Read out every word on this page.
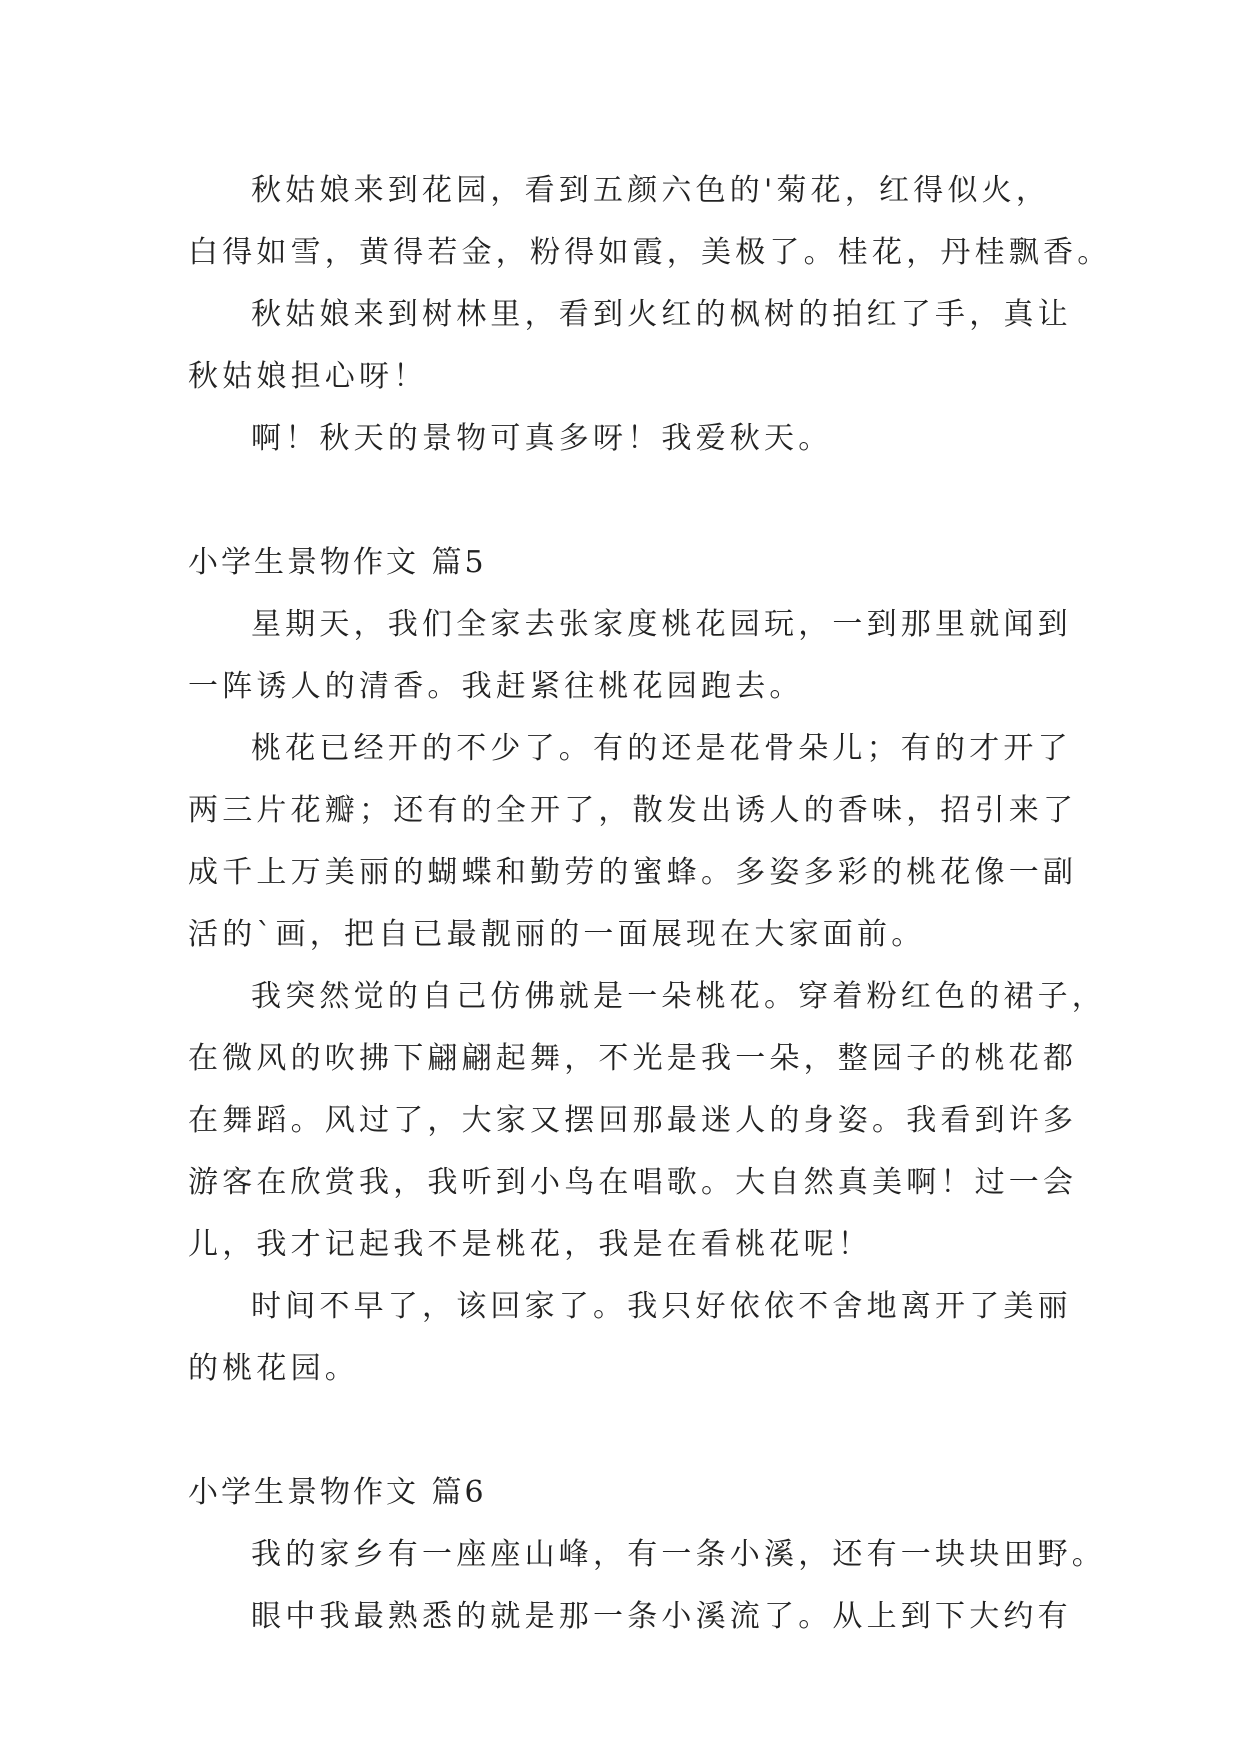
秋姑娘来到花园，看到五颜六色的'菊花，红得似火，
白得如雪，黄得若金，粉得如霞，美极了。桂花，丹桂飘香。
秋姑娘来到树林里，看到火红的枫树的拍红了手，真让
秋姑娘担心呀！
啊！秋天的景物可真多呀！我爱秋天。
小学生景物作文 篇5
星期天，我们全家去张家度桃花园玩，一到那里就闻到
一阵诱人的清香。我赶紧往桃花园跑去。
桃花已经开的不少了。有的还是花骨朵儿；有的才开了
两三片花瓣；还有的全开了，散发出诱人的香味，招引来了
成千上万美丽的蝴蝶和勤劳的蜜蜂。多姿多彩的桃花像一副
活的`画，把自已最靓丽的一面展现在大家面前。
我突然觉的自己仿佛就是一朵桃花。穿着粉红色的裙子，
在微风的吹拂下翩翩起舞，不光是我一朵，整园子的桃花都
在舞蹈。风过了，大家又摆回那最迷人的身姿。我看到许多
游客在欣赏我，我听到小鸟在唱歌。大自然真美啊！过一会
儿，我才记起我不是桃花，我是在看桃花呢！
时间不早了，该回家了。我只好依依不舍地离开了美丽
的桃花园。
小学生景物作文 篇6
我的家乡有一座座山峰，有一条小溪，还有一块块田野。
眼中我最熟悉的就是那一条小溪流了。从上到下大约有
